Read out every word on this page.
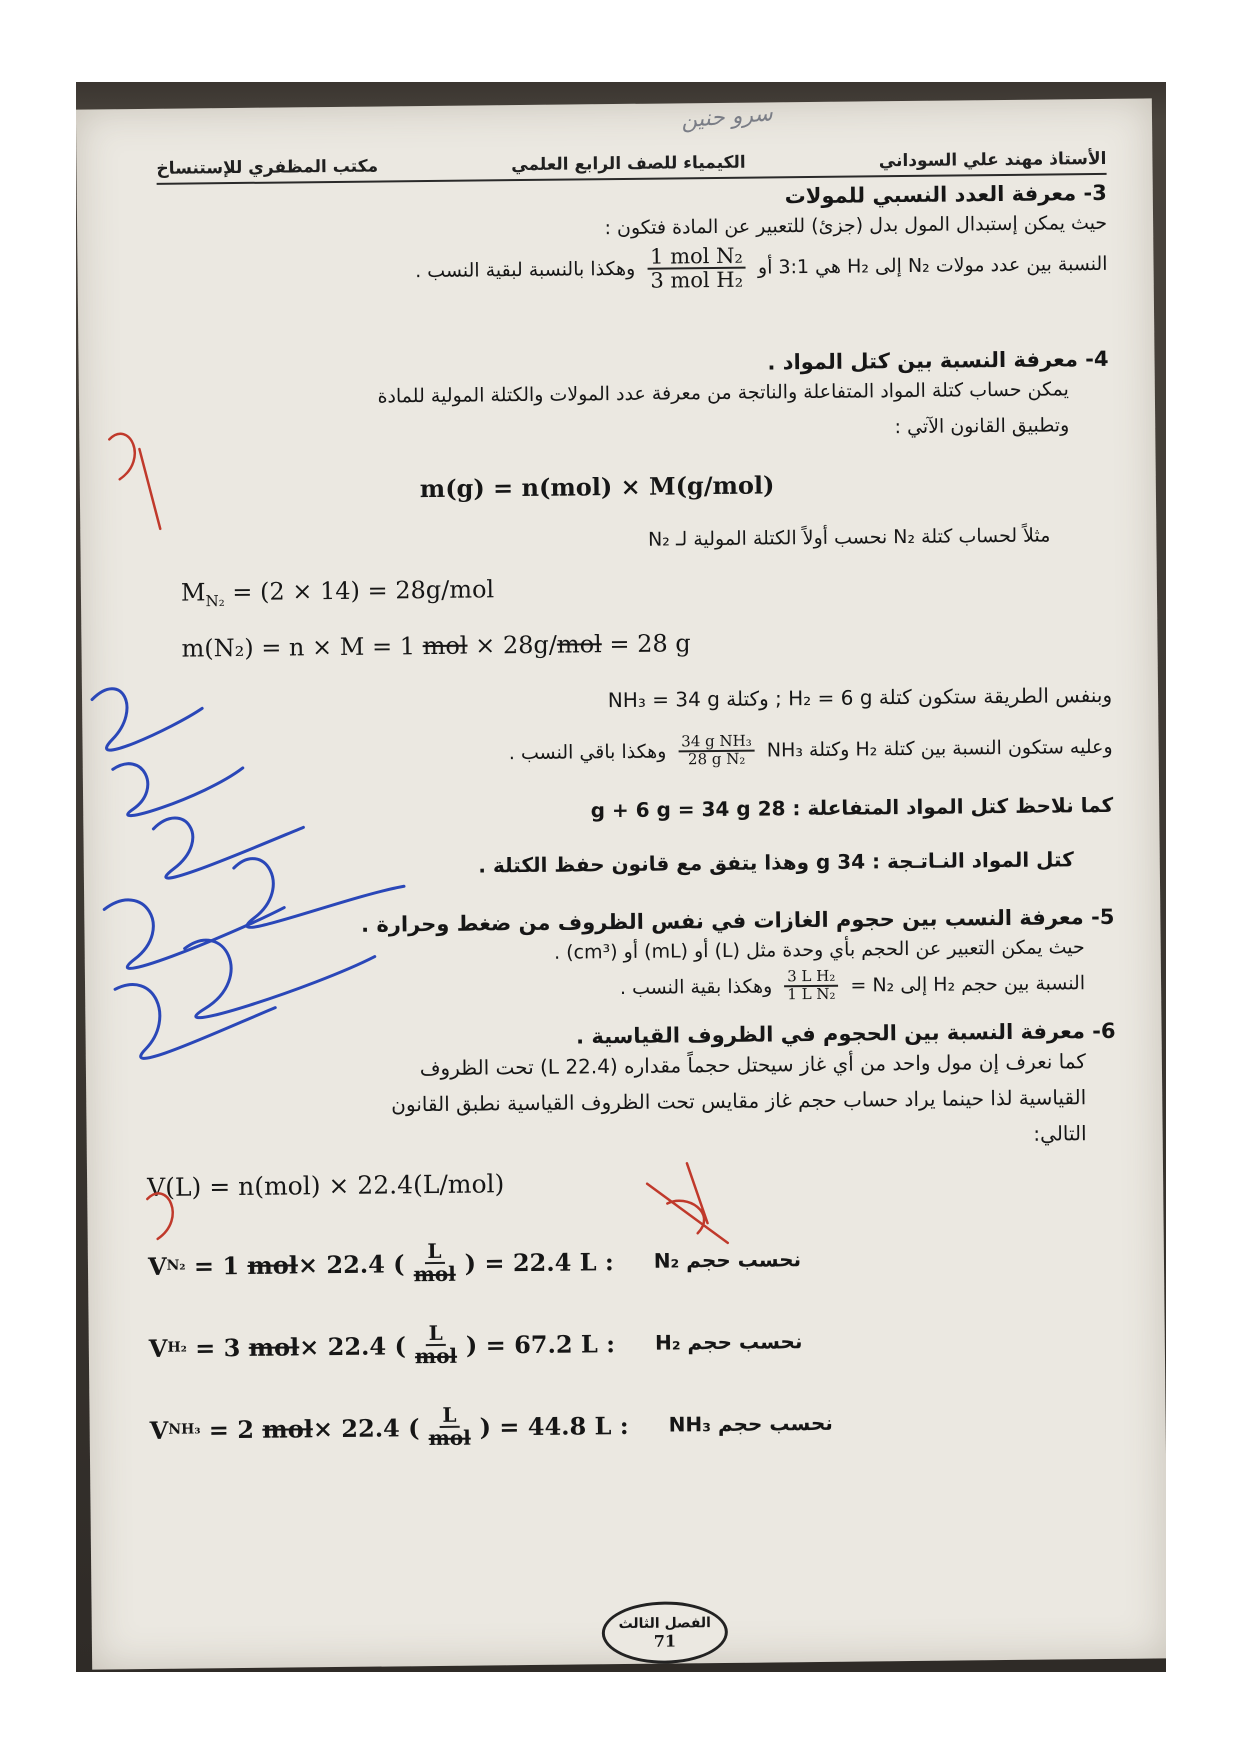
سرو حنين
الأستاذ مهند علي السوداني
الكيمياء للصف الرابع العلمي
مكتب المظفري للإستنساخ
3- معرفة العدد النسبي للمولات
حيث يمكن إستبدال المول بدل (جزئ) للتعبير عن المادة فتكون :
النسبة بين عدد مولات N₂ إلى H₂ هي 3:1 أو
$\frac{\text{1 mol N₂}}{\text{3 mol H₂}}$
وهكذا بالنسبة لبقية النسب .
4- معرفة النسبة بين كتل المواد .
يمكن حساب كتلة المواد المتفاعلة والناتجة من معرفة عدد المولات والكتلة المولية للمادة
وتطبيق القانون الآتي :
m(g) = n(mol) × M(g/mol)
مثلاً لحساب كتلة N₂ نحسب أولاً الكتلة المولية لـ N₂
$M_{N_2} = (2 \times 14) = 28g/mol$
m(N₂) = n × M = 1 mol × 28g/mol = 28 g
وبنفس الطريقة ستكون كتلة H₂ = 6 g ; وكتلة NH₃ = 34 g
وعليه ستكون النسبة بين كتلة H₂ وكتلة NH₃
$\frac{\text{34 g NH₃}}{\text{28 g N₂}}$
وهكذا باقي النسب .
كما نلاحظ كتل المواد المتفاعلة : 28 g + 6 g = 34 g
كتل المواد النـاتـجة : 34 g وهذا يتفق مع قانون حفظ الكتلة .
5- معرفة النسب بين حجوم الغازات في نفس الظروف من ضغط وحرارة .
حيث يمكن التعبير عن الحجم بأي وحدة مثل (L) أو (mL) أو (cm³) .
النسبة بين حجم H₂ إلى N₂ =
$\frac{\text{3 L H₂}}{\text{1 L N₂}}$
وهكذا بقية النسب .
6- معرفة النسبة بين الحجوم في الظروف القياسية .
كما نعرف إن مول واحد من أي غاز سيحتل حجماً مقداره (22.4 L) تحت الظروف
القياسية لذا حينما يراد حساب حجم غاز مقايس تحت الظروف القياسية نطبق القانون
التالي:
V(L) = n(mol) × 22.4(L/mol)
V N₂ = 1 mol × 22.4 ( $\frac{L}{\text{mol}}$ ) = 22.4 L : نحسب حجم N₂
V H₂ = 3 mol × 22.4 ( $\frac{L}{\text{mol}}$ ) = 67.2 L : نحسب حجم H₂
V NH₃ = 2 mol × 22.4 ( $\frac{L}{\text{mol}}$ ) = 44.8 L : نحسب حجم NH₃
الفصل الثالث
71
